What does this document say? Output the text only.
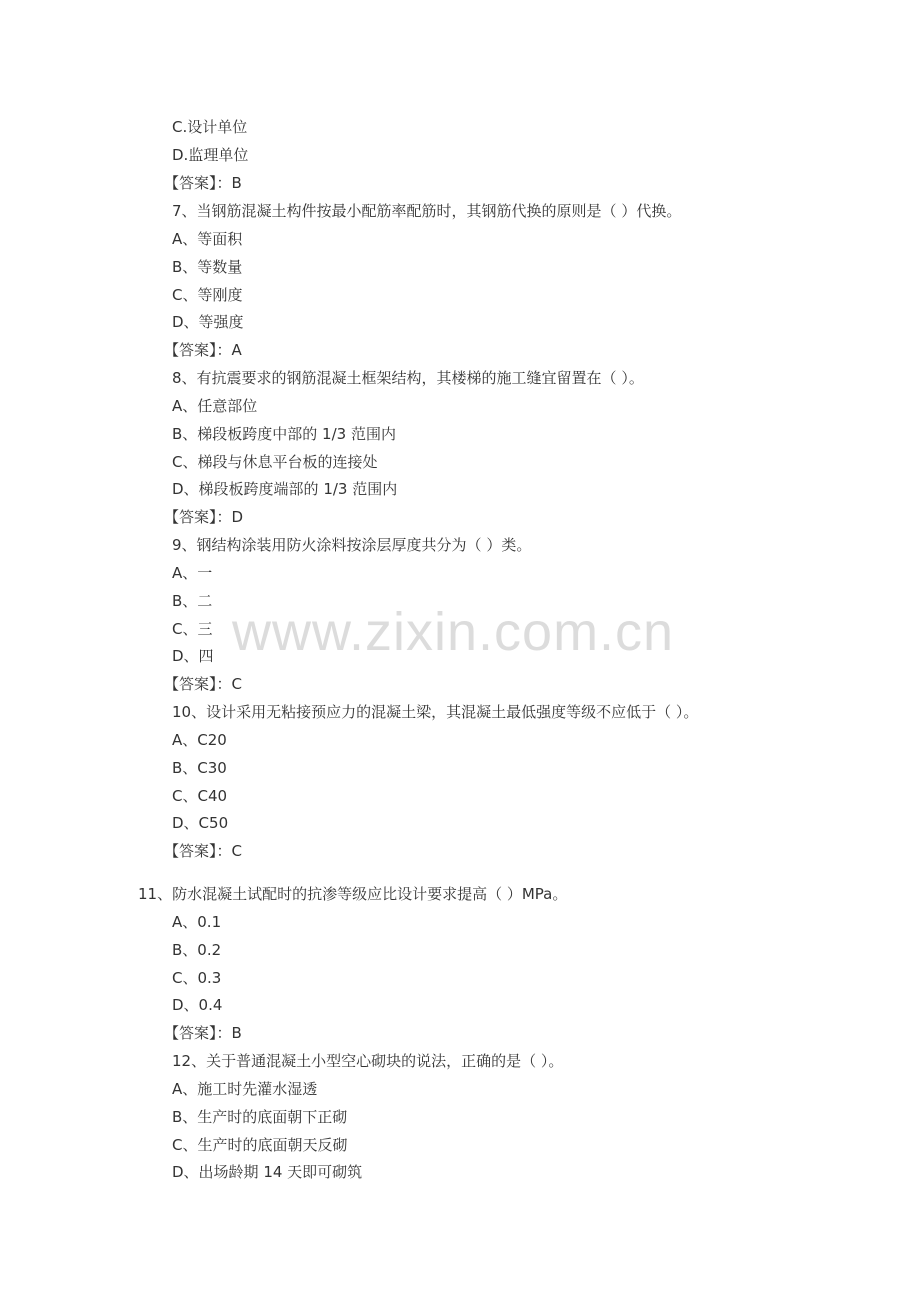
C.设计单位
D.监理单位
【答案】：B
7、当钢筋混凝土构件按最小配筋率配筋时，其钢筋代换的原则是（ ）代换。
A、等面积
B、等数量
C、等刚度
D、等强度
【答案】：A
8、有抗震要求的钢筋混凝土框架结构，其楼梯的施工缝宜留置在（ ）。
A、任意部位
B、梯段板跨度中部的 1/3 范围内
C、梯段与休息平台板的连接处
D、梯段板跨度端部的 1/3 范围内
【答案】：D
9、钢结构涂装用防火涂料按涂层厚度共分为（ ）类。
A、一
B、二
C、三
D、四
【答案】：C
10、设计采用无粘接预应力的混凝土梁，其混凝土最低强度等级不应低于（ ）。
A、C20
B、C30
C、C40
D、C50
【答案】：C
11、防水混凝土试配时的抗渗等级应比设计要求提高（ ）MPa。
A、0.1
B、0.2
C、0.3
D、0.4
【答案】：B
12、关于普通混凝土小型空心砌块的说法，正确的是（ ）。
A、施工时先灌水湿透
B、生产时的底面朝下正砌
C、生产时的底面朝天反砌
D、出场龄期 14 天即可砌筑
www.zixin.com.cn
